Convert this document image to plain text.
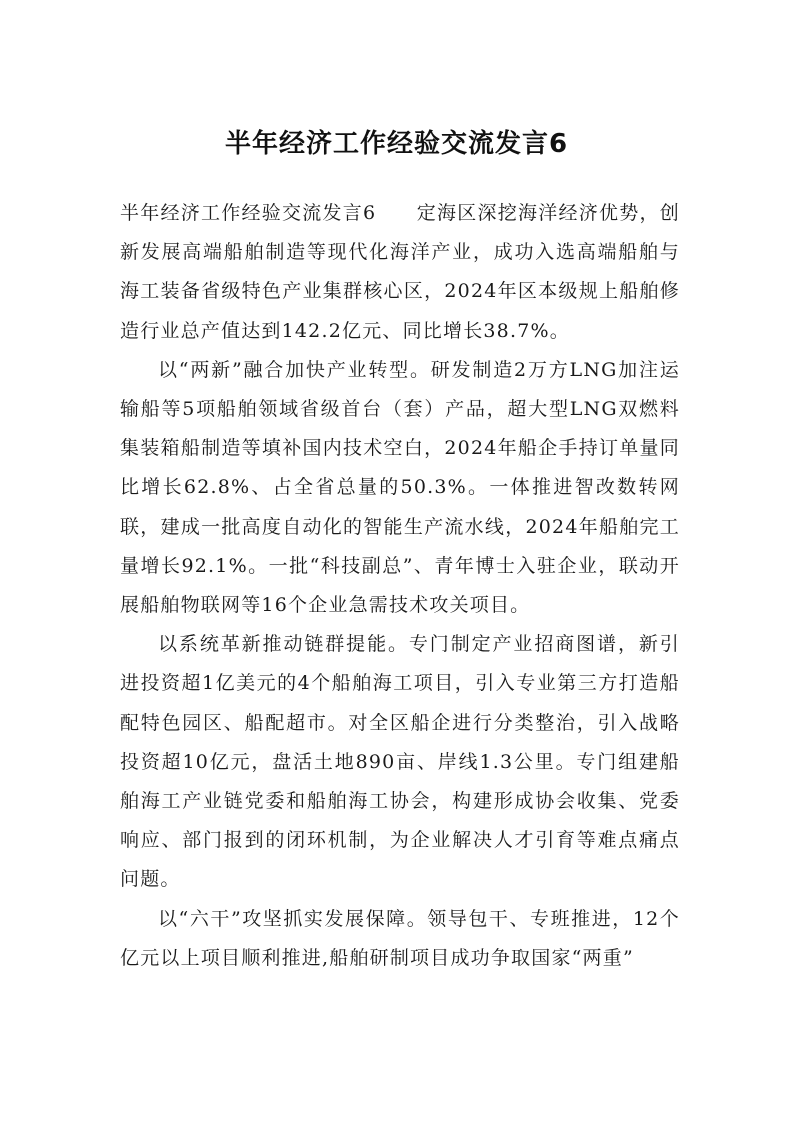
半年经济工作经验交流发言6

半年经济工作经验交流发言6　　定海区深挖海洋经济优势，创新发展高端船舶制造等现代化海洋产业，成功入选高端船舶与海工装备省级特色产业集群核心区，2024年区本级规上船舶修造行业总产值达到142.2亿元、同比增长38.7%。

以“两新”融合加快产业转型。研发制造2万方LNG加注运输船等5项船舶领域省级首台（套）产品，超大型LNG双燃料集装箱船制造等填补国内技术空白，2024年船企手持订单量同比增长62.8%、占全省总量的50.3%。一体推进智改数转网联，建成一批高度自动化的智能生产流水线，2024年船舶完工量增长92.1%。一批“科技副总”、青年博士入驻企业，联动开展船舶物联网等16个企业急需技术攻关项目。

以系统革新推动链群提能。专门制定产业招商图谱，新引进投资超1亿美元的4个船舶海工项目，引入专业第三方打造船配特色园区、船配超市。对全区船企进行分类整治，引入战略投资超10亿元，盘活土地890亩、岸线1.3公里。专门组建船舶海工产业链党委和船舶海工协会，构建形成协会收集、党委响应、部门报到的闭环机制，为企业解决人才引育等难点痛点问题。

以“六干”攻坚抓实发展保障。领导包干、专班推进，12个亿元以上项目顺利推进,船舶研制项目成功争取国家“两重”
